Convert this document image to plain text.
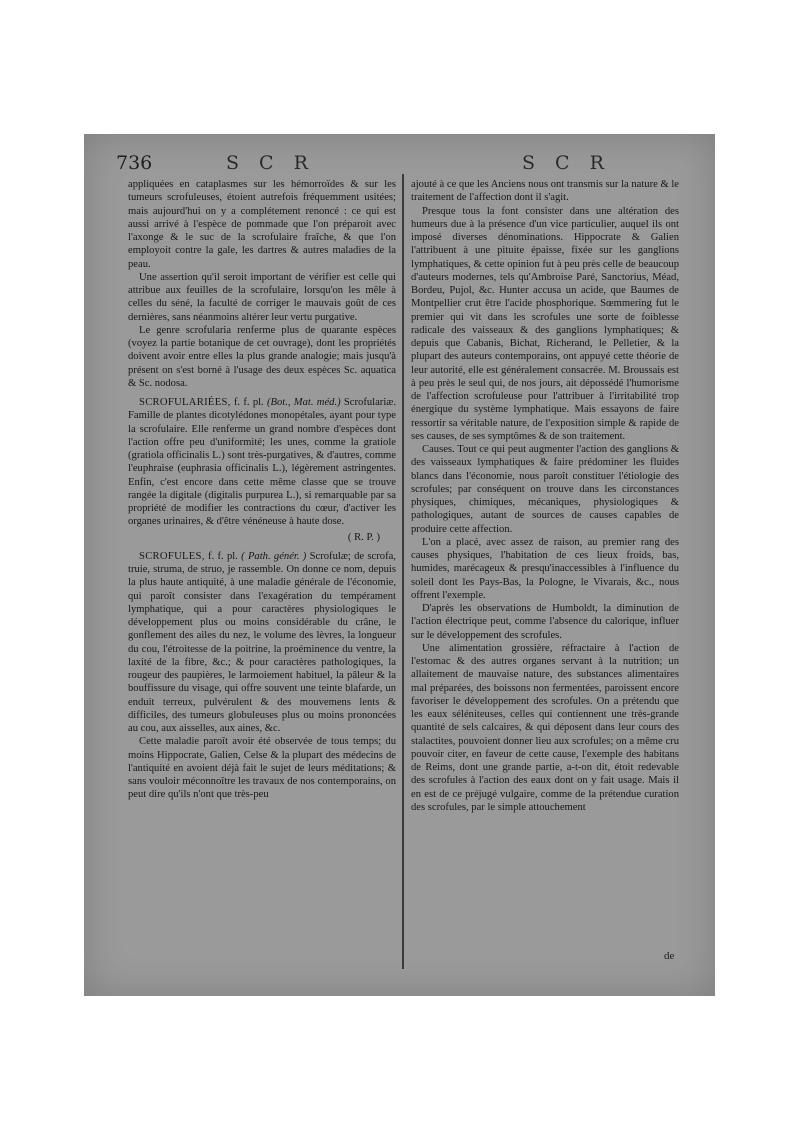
736	S C R	S C R

appliquées en cataplasmes sur les hémorroïdes & sur les tumeurs scrofuleuses, étoient autrefois fréquemment usitées; mais aujourd'hui on y a complétement renoncé : ce qui est aussi arrivé à l'espèce de pommade que l'on préparoit avec l'axonge & le suc de la scrofulaire fraîche, & que l'on employoit contre la gale, les dartres & autres maladies de la peau.

Une assertion qu'il seroit important de vérifier est celle qui attribue aux feuilles de la scrofulaire, lorsqu'on les mêle à celles du séné, la faculté de corriger le mauvais goût de ces dernières, sans néanmoins altérer leur vertu purgative.

Le genre scrofularia renferme plus de quarante espèces (voyez la partie botanique de cet ouvrage), dont les propriétés doivent avoir entre elles la plus grande analogie; mais jusqu'à présent on s'est borné à l'usage des deux espèces Sc. aquatica & Sc. nodosa.

SCROFULARIÉES, f. f. pl. (Bot., Mat. méd.) Scrofulariæ. Famille de plantes dicotylédones monopétales, ayant pour type la scrofulaire. Elle renferme un grand nombre d'espèces dont l'action offre peu d'uniformité; les unes, comme la gratiole (gratiola officinalis L.) sont très-purgatives, & d'autres, comme l'euphraise (euphrasia officinalis L.), légèrement astringentes. Enfin, c'est encore dans cette même classe que se trouve rangée la digitale (digitalis purpurea L.), si remarquable par sa propriété de modifier les contractions du cœur, d'activer les organes urinaires, & d'être vénéneuse à haute dose.

( R. P. )

SCROFULES, f. f. pl. ( Path. génér. ) Scrofulæ; de scrofa, truie, struma, de struo, je rassemble. On donne ce nom, depuis la plus haute antiquité, à une maladie générale de l'économie, qui paroît consister dans l'exagération du tempérament lymphatique, qui a pour caractères physiologiques le développement plus ou moins considérable du crâne, le gonflement des ailes du nez, le volume des lèvres, la longueur du cou, l'étroitesse de la poitrine, la proéminence du ventre, la laxité de la fibre, &c.; & pour caractères pathologiques, la rougeur des paupières, le larmoiement habituel, la pâleur & la bouffissure du visage, qui offre souvent une teinte blafarde, un enduit terreux, pulvérulent & des mouvemens lents & difficiles, des tumeurs globuleuses plus ou moins prononcées au cou, aux aisselles, aux aines, &c.

Cette maladie paroît avoir été observée de tous temps; du moins Hippocrate, Galien, Celse & la plupart des médecins de l'antiquité en avoient déjà fait le sujet de leurs méditations; & sans vouloir méconnoître les travaux de nos contemporains, on peut dire qu'ils n'ont que très-peu

ajouté à ce que les Anciens nous ont transmis sur la nature & le traitement de l'affection dont il s'agit.

Presque tous la font consister dans une altération des humeurs due à la présence d'un vice particulier, auquel ils ont imposé diverses dénominations. Hippocrate & Galien l'attribuent à une pituite épaisse, fixée sur les ganglions lymphatiques, & cette opinion fut à peu près celle de beaucoup d'auteurs modernes, tels qu'Ambroise Paré, Sanctorius, Méad, Bordeu, Pujol, &c. Hunter accusa un acide, que Baumes de Montpellier crut être l'acide phosphorique. Sœmmering fut le premier qui vit dans les scrofules une sorte de foiblesse radicale des vaisseaux & des ganglions lymphatiques; & depuis que Cabanis, Bichat, Richerand, le Pelletier, & la plupart des auteurs contemporains, ont appuyé cette théorie de leur autorité, elle est généralement consacrée. M. Broussais est à peu près le seul qui, de nos jours, ait dépossédé l'humorisme de l'affection scrofuleuse pour l'attribuer à l'irritabilité trop énergique du système lymphatique. Mais essayons de faire ressortir sa véritable nature, de l'exposition simple & rapide de ses causes, de ses symptômes & de son traitement.

Causes. Tout ce qui peut augmenter l'action des ganglions & des vaisseaux lymphatiques & faire prédominer les fluides blancs dans l'économie, nous paroît constituer l'étiologie des scrofules; par conséquent on trouve dans les circonstances physiques, chimiques, mécaniques, physiologiques & pathologiques, autant de sources de causes capables de produire cette affection.

L'on a placé, avec assez de raison, au premier rang des causes physiques, l'habitation de ces lieux froids, bas, humides, marécageux & presqu'inaccessibles à l'influence du soleil dont les Pays-Bas, la Pologne, le Vivarais, &c., nous offrent l'exemple.

D'après les observations de Humboldt, la diminution de l'action électrique peut, comme l'absence du calorique, influer sur le développement des scrofules.

Une alimentation grossière, réfractaire à l'action de l'estomac & des autres organes servant à la nutrition; un allaitement de mauvaise nature, des substances alimentaires mal préparées, des boissons non fermentées, paroissent encore favoriser le développement des scrofules. On a prétendu que les eaux séléniteuses, celles qui contiennent une très-grande quantité de sels calcaires, & qui déposent dans leur cours des stalactites, pouvoient donner lieu aux scrofules; on a même cru pouvoir citer, en faveur de cette cause, l'exemple des habitans de Reims, dont une grande partie, a-t-on dit, étoit redevable des scrofules à l'action des eaux dont on y fait usage. Mais il en est de ce préjugé vulgaire, comme de la prétendue curation des scrofules, par le simple attouchement

de
